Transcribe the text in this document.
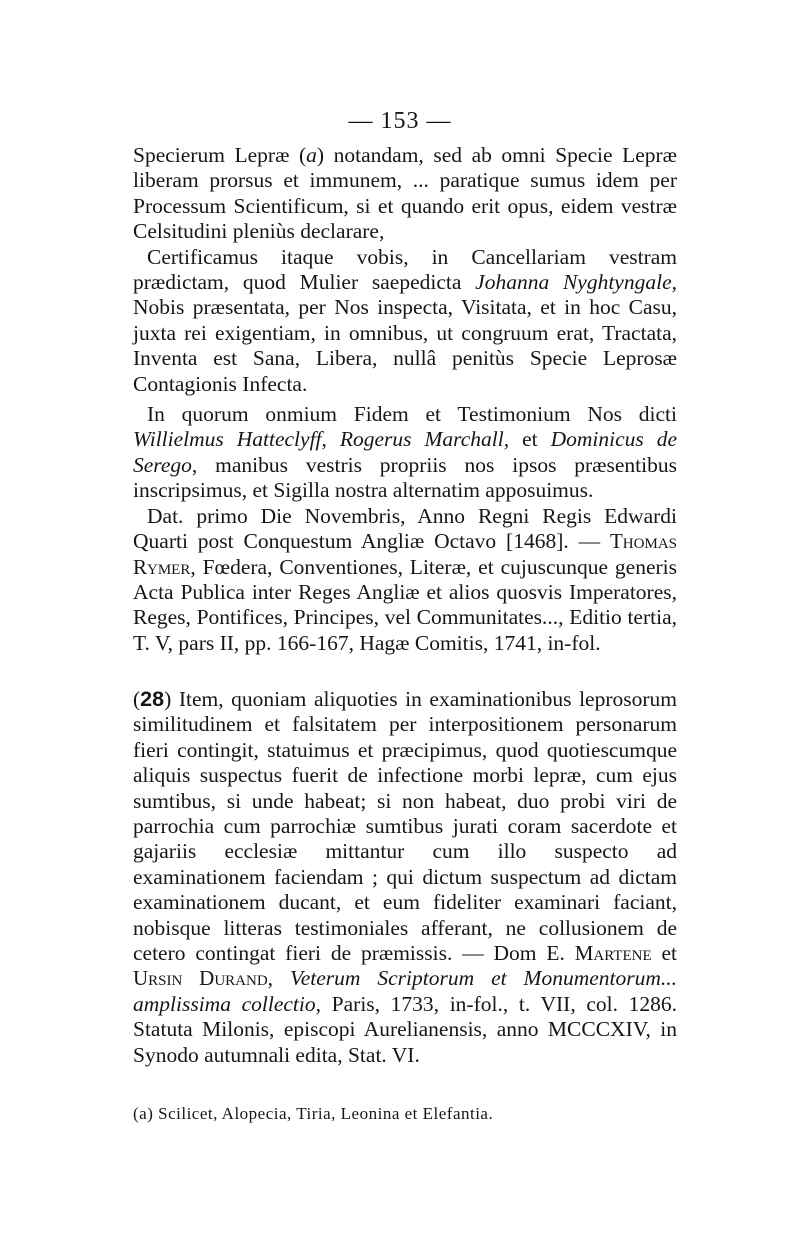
— 153 —

Specierum Lepræ (a) notandam, sed ab omni Specie Lepræ liberam prorsus et immunem, ... paratique sumus idem per Processum Scientificum, si et quando erit opus, eidem vestræ Celsitudini pleniùs declarare,

Certificamus itaque vobis, in Cancellariam vestram prædictam, quod Mulier saepedicta Johanna Nyghtyngale, Nobis præsentata, per Nos inspecta, Visitata, et in hoc Casu, juxta rei exigentiam, in omnibus, ut congruum erat, Tractata, Inventa est Sana, Libera, nullâ penitùs Specie Leprosæ Contagionis Infecta.

In quorum onmium Fidem et Testimonium Nos dicti Willielmus Hatteclyff, Rogerus Marchall, et Dominicus de Serego, manibus vestris propriis nos ipsos præsentibus inscripsimus, et Sigilla nostra alternatim apposuimus.

Dat. primo Die Novembris, Anno Regni Regis Edwardi Quarti post Conquestum Angliæ Octavo [1468]. — Thomas Rymer, Fœdera, Conventiones, Literæ, et cujuscunque generis Acta Publica inter Reges Angliæ et alios quosvis Imperatores, Reges, Pontifices, Principes, vel Communitates..., Editio tertia, T. V, pars II, pp. 166-167, Hagæ Comitis, 1741, in-fol.

(28) Item, quoniam aliquoties in examinationibus leprosorum similitudinem et falsitatem per interpositionem personarum fieri contingit, statuimus et præcipimus, quod quotiescumque aliquis suspectus fuerit de infectione morbi lepræ, cum ejus sumtibus, si unde habeat; si non habeat, duo probi viri de parrochia cum parrochiæ sumtibus jurati coram sacerdote et gajariis ecclesiæ mittantur cum illo suspecto ad examinationem faciendam ; qui dictum suspectum ad dictam examinationem ducant, et eum fideliter examinari faciant, nobisque litteras testimoniales afferant, ne collusionem de cetero contingat fieri de præmissis. — Dom E. Martene et Ursin Durand, Veterum Scriptorum et Monumentorum... amplissima collectio, Paris, 1733, in-fol., t. VII, col. 1286. Statuta Milonis, episcopi Aurelianensis, anno MCCCXIV, in Synodo autumnali edita, Stat. VI.

(a) Scilicet, Alopecia, Tiria, Leonina et Elefantia.
